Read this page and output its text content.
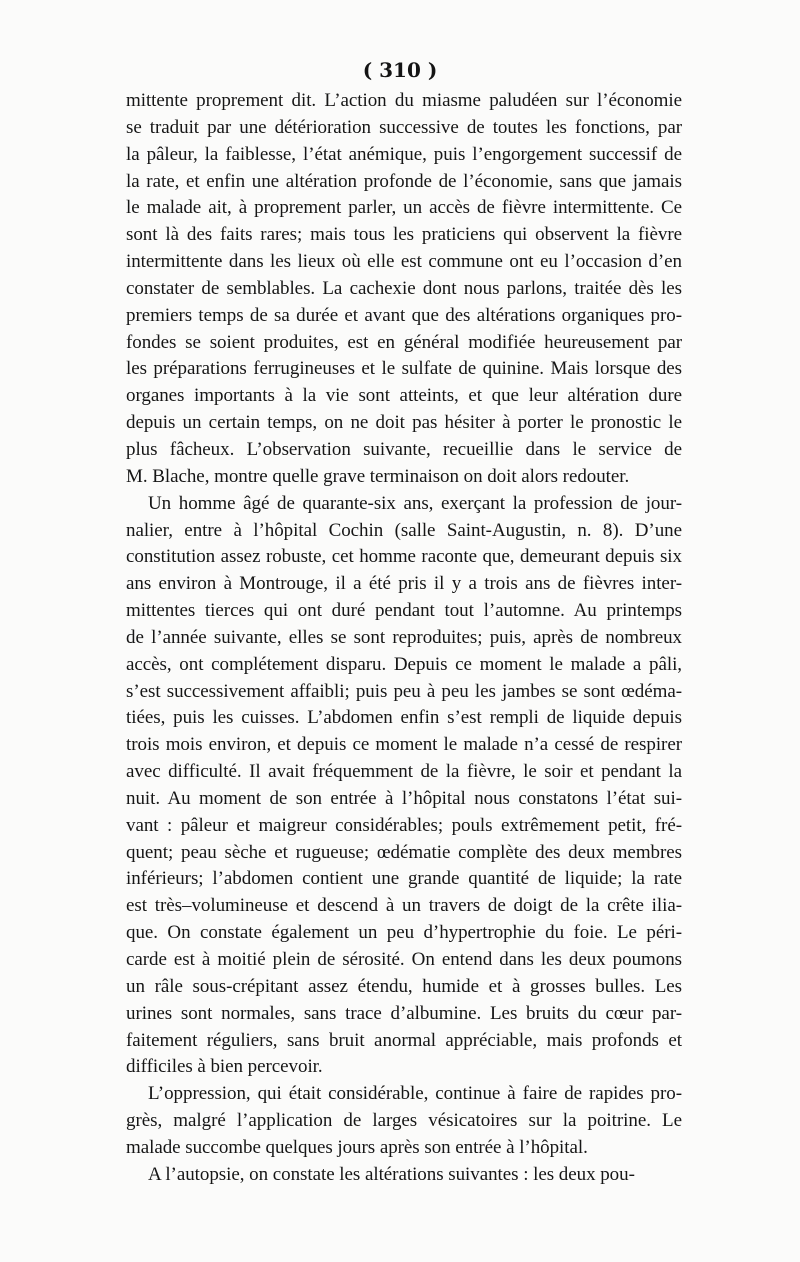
( 310 )
mittente proprement dit. L’action du miasme paludéen sur l’économie
se traduit par une détérioration successive de toutes les fonctions, par
la pâleur, la faiblesse, l’état anémique, puis l’engorgement successif de
la rate, et enfin une altération profonde de l’économie, sans que jamais
le malade ait, à proprement parler, un accès de fièvre intermittente. Ce
sont là des faits rares; mais tous les praticiens qui observent la fièvre
intermittente dans les lieux où elle est commune ont eu l’occasion d’en
constater de semblables. La cachexie dont nous parlons, traitée dès les
premiers temps de sa durée et avant que des altérations organiques pro-
fondes se soient produites, est en général modifiée heureusement par
les préparations ferrugineuses et le sulfate de quinine. Mais lorsque des
organes importants à la vie sont atteints, et que leur altération dure
depuis un certain temps, on ne doit pas hésiter à porter le pronostic le
plus fâcheux. L’observation suivante, recueillie dans le service de
M. Blache, montre quelle grave terminaison on doit alors redouter.
Un homme âgé de quarante-six ans, exerçant la profession de jour-
nalier, entre à l’hôpital Cochin (salle Saint-Augustin, n. 8). D’une
constitution assez robuste, cet homme raconte que, demeurant depuis six
ans environ à Montrouge, il a été pris il y a trois ans de fièvres inter-
mittentes tierces qui ont duré pendant tout l’automne. Au printemps
de l’année suivante, elles se sont reproduites; puis, après de nombreux
accès, ont complétement disparu. Depuis ce moment le malade a pâli,
s’est successivement affaibli; puis peu à peu les jambes se sont œdéma-
tiées, puis les cuisses. L’abdomen enfin s’est rempli de liquide depuis
trois mois environ, et depuis ce moment le malade n’a cessé de respirer
avec difficulté. Il avait fréquemment de la fièvre, le soir et pendant la
nuit. Au moment de son entrée à l’hôpital nous constatons l’état sui-
vant : pâleur et maigreur considérables; pouls extrêmement petit, fré-
quent; peau sèche et rugueuse; œdématie complète des deux membres
inférieurs; l’abdomen contient une grande quantité de liquide; la rate
est très–volumineuse et descend à un travers de doigt de la crête ilia-
que. On constate également un peu d’hypertrophie du foie. Le péri-
carde est à moitié plein de sérosité. On entend dans les deux poumons
un râle sous-crépitant assez étendu, humide et à grosses bulles. Les
urines sont normales, sans trace d’albumine. Les bruits du cœur par-
faitement réguliers, sans bruit anormal appréciable, mais profonds et
difficiles à bien percevoir.
L’oppression, qui était considérable, continue à faire de rapides pro-
grès, malgré l’application de larges vésicatoires sur la poitrine. Le
malade succombe quelques jours après son entrée à l’hôpital.
A l’autopsie, on constate les altérations suivantes : les deux pou-
